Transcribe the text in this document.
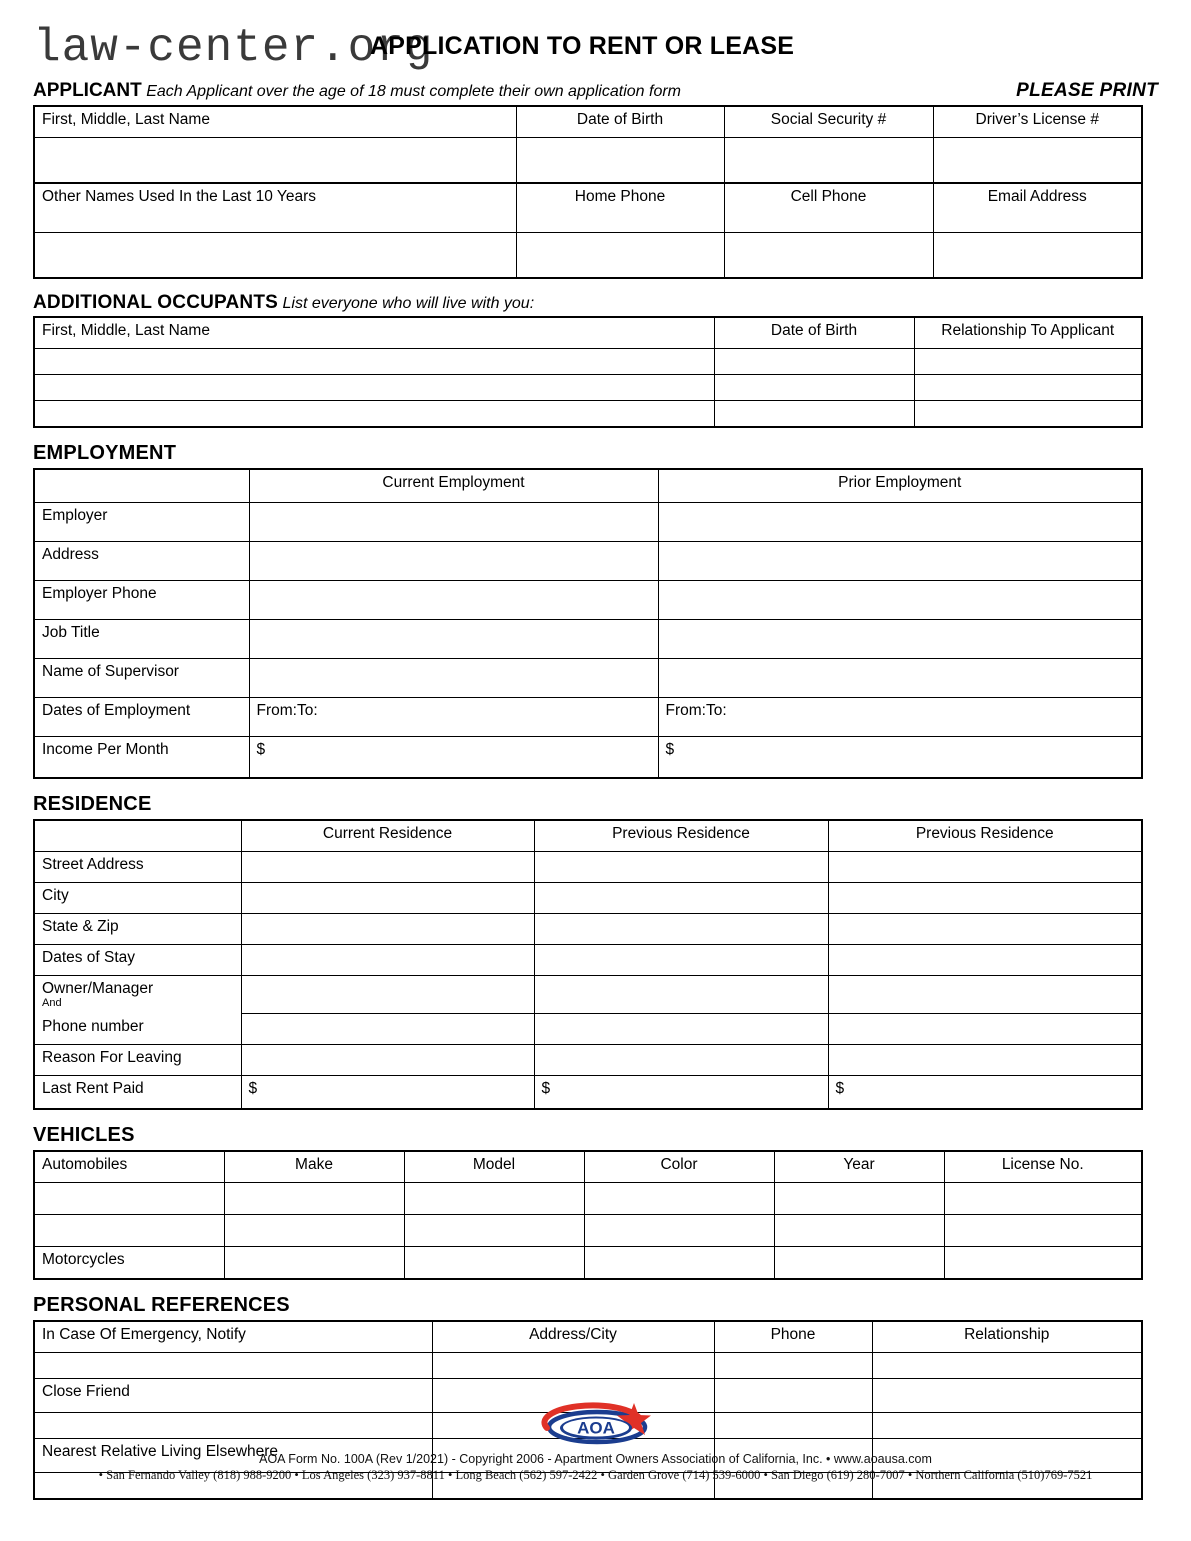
law-center.org
APPLICATION TO RENT OR LEASE
PLEASE PRINT
APPLICANT Each Applicant over the age of 18 must complete their own application form
First, Middle, Last Name	Date of Birth	Social Security #	Driver’s License #

Other Names Used In the Last 10 Years	Home Phone	Cell Phone	Email Address

ADDITIONAL OCCUPANTS List everyone who will live with you:
First, Middle, Last Name	Date of Birth	Relationship To Applicant

EMPLOYMENT
	Current Employment	Prior Employment
Employer		
Address		
Employer Phone		
Job Title		
Name of Supervisor		
Dates of Employment	From:To:	From:To:
Income Per Month	$	$
RESIDENCE
	Current Residence	Previous Residence	Previous Residence
Street Address			
City			
State & Zip			
Dates of Stay			
Owner/Manager
And			

Phone number			
Reason For Leaving			
Last Rent Paid	$	$	$
VEHICLES
Automobiles	Make	Model	Color	Year	License No.

Motorcycles					
PERSONAL REFERENCES
In Case Of Emergency, Notify	Address/City	Phone	Relationship

Close Friend			

Nearest Relative Living Elsewhere			

AOA
AOA Form No. 100A (Rev 1/2021) - Copyright 2006 - Apartment Owners Association of California, Inc. • www.aoausa.com
• San Fernando Valley (818) 988-9200 • Los Angeles (323) 937-8811 • Long Beach (562) 597-2422 • Garden Grove (714) 539-6000 • San Diego (619) 280-7007 • Northern California (510)769-7521
